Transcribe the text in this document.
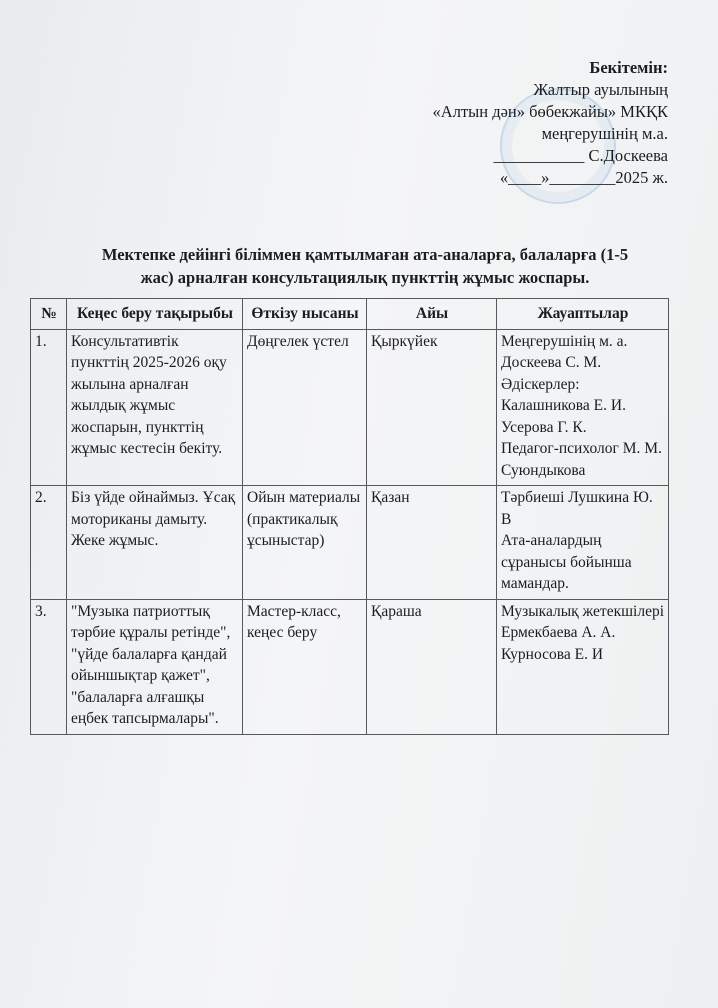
Бекітемін:
Жалтыр ауылының
«Алтын дән» бөбекжайы» МКҚК
меңгерушінің м.а.
___________ С.Доскеева
«____»________2025 ж.
Мектепке дейінгі біліммен қамтылмаған ата-аналарға, балаларға (1-5
жас) арналған консультациялық пункттің жұмыс жоспары.
№	Кеңес беру тақырыбы	Өткізу нысаны	Айы	Жауаптылар
1.	Консультативтік пункттің 2025-2026 оқу жылына арналған жылдық жұмыс жоспарын, пункттің жұмыс кестесін бекіту.	Дөңгелек үстел	Қыркүйек	Меңгерушінің м. а. Доскеева С. М.
Әдіскерлер: Калашникова Е. И.
Усерова Г. К.
Педагог-психолог М. М. Суюндыкова

2.	Біз үйде ойнаймыз. Ұсақ моториканы дамыту. Жеке жұмыс.	Ойын материалы (практикалық ұсыныстар)	Қазан	Тәрбиеші Лушкина Ю. В
Ата-аналардың сұранысы бойынша мамандар.

3.	"Музыка патриоттық тәрбие құралы ретінде", "үйде балаларға қандай ойыншықтар қажет", "балаларға алғашқы еңбек тапсырмалары".	Мастер-класс, кеңес беру	Қараша	Музыкалық жетекшілері Ермекбаева А. А.
Курносова Е. И
